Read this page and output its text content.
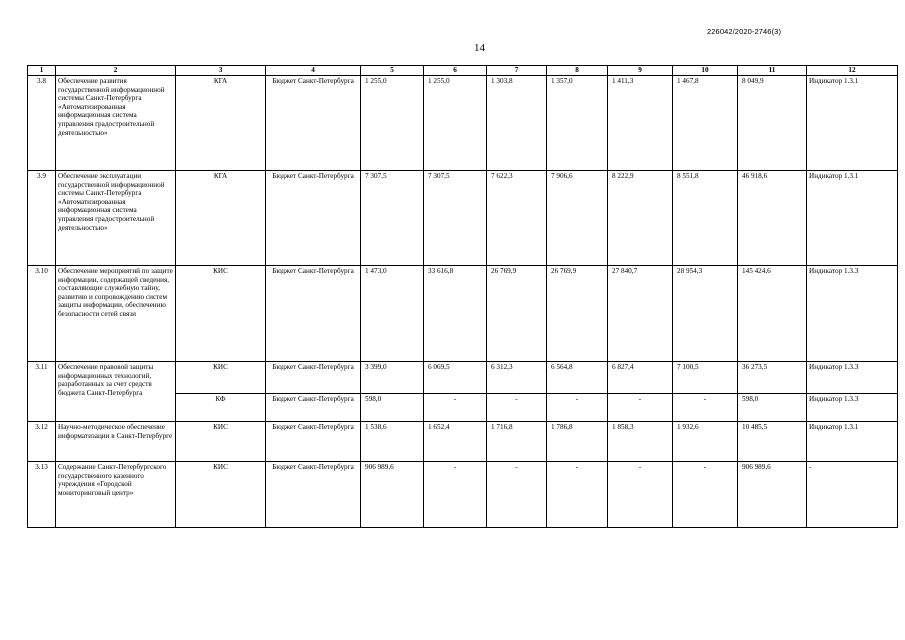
226042/2020-2746(3)
14
1	2	3	4	5	6	7	8	9	10	11	12
3.8	Обеспечение развития государственной информационной системы Санкт-Петербурга «Автоматизированная информационная система управления градостроительной деятельностью»	КГА	Бюджет Санкт-Петербурга	1 255,0	1 255,0	1 303,8	1 357,0	1 411,3	1 467,8	8 049,9	Индикатор 1.3.1
3.9	Обеспечение эксплуатации государственной информационной системы Санкт-Петербурга «Автоматизированная информационная система управления градостроительной деятельностью»	КГА	Бюджет Санкт-Петербурга	7 307,5	7 307,5	7 622,3	7 906,6	8 222,9	8 551,8	46 918,6	Индикатор 1.3.1
3.10	Обеспечение мероприятий по защите информации, содержащей сведения, составляющие служебную тайну, развитию и сопровождению систем защиты информации, обеспечению безопасности сетей связи	КИС	Бюджет Санкт-Петербурга	1 473,0	33 616,8	26 769,9	26 769,9	27 840,7	28 954,3	145 424,6	Индикатор 1.3.3
3.11	Обеспечение правовой защиты информационных технологий, разработанных за счет средств бюджета Санкт-Петербурга	КИС	Бюджет Санкт-Петербурга	3 399,0	6 069,5	6 312,3	6 564,8	6 827,4	7 100,5	36 273,5	Индикатор 1.3.3
		КФ	Бюджет Санкт-Петербурга	598,0	-	-	-	-	-	598,0	Индикатор 1.3.3
3.12	Научно-методическое обеспечение информатизации в Санкт-Петербурге	КИС	Бюджет Санкт-Петербурга	1 538,6	1 652,4	1 716,8	1 786,8	1 858,3	1 932,6	10 485,5	Индикатор 1.3.1
3.13	Содержание Санкт-Петербургского государственного казенного учреждения «Городской мониторинговый центр»	КИС	Бюджет Санкт-Петербурга	906 989,6	-	-	-	-	-	906 989,6	-
